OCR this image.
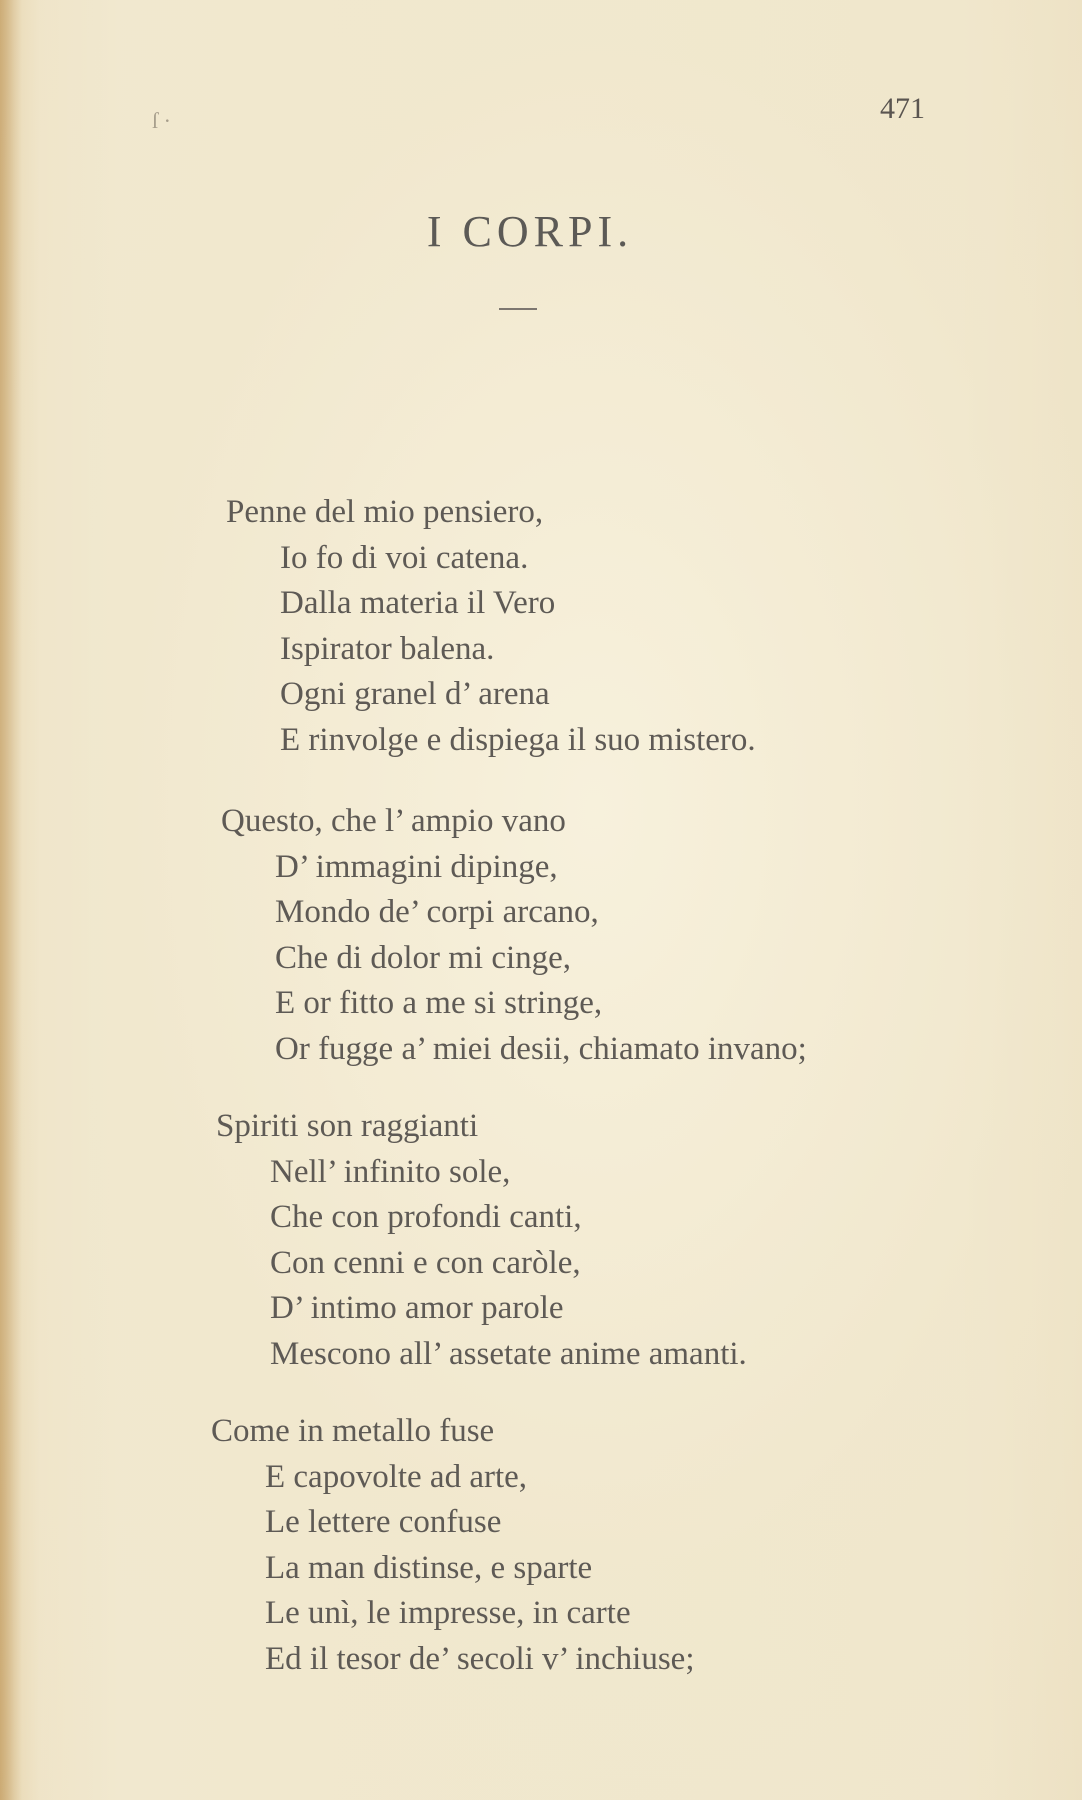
ſ ·	471
I CORPI.
Penne del mio pensiero,
Io fo di voi catena.
Dalla materia il Vero
Ispirator balena.
Ogni granel d’ arena
E rinvolge e dispiega il suo mistero.
Questo, che l’ ampio vano
D’ immagini dipinge,
Mondo de’ corpi arcano,
Che di dolor mi cinge,
E or fitto a me si stringe,
Or fugge a’ miei desii, chiamato invano;
Spiriti son raggianti
Nell’ infinito sole,
Che con profondi canti,
Con cenni e con caròle,
D’ intimo amor parole
Mescono all’ assetate anime amanti.
Come in metallo fuse
E capovolte ad arte,
Le lettere confuse
La man distinse, e sparte
Le unì, le impresse, in carte
Ed il tesor de’ secoli v’ inchiuse;
